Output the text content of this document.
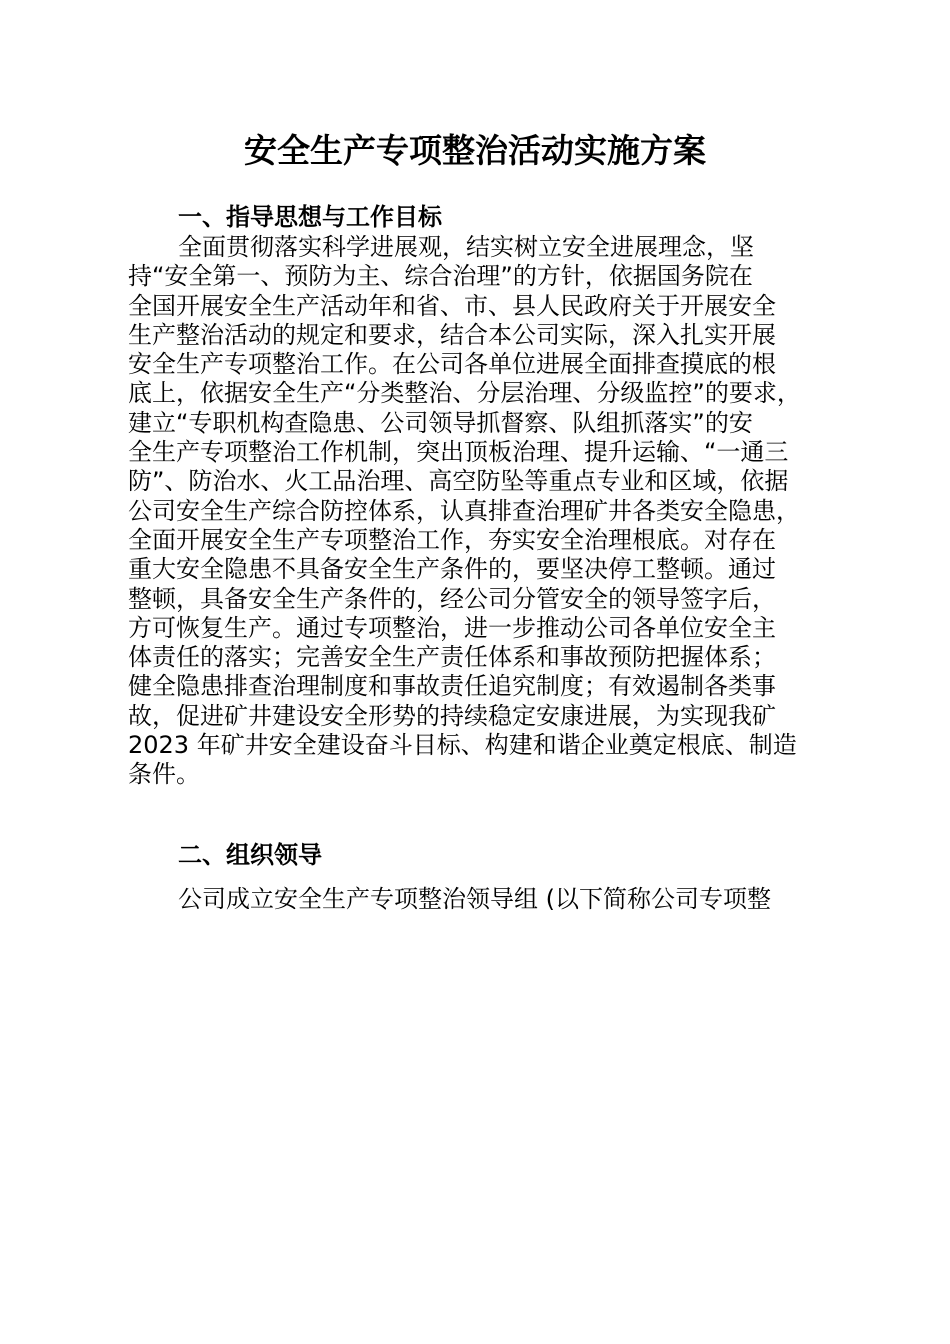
安全生产专项整治活动实施方案
一、指导思想与工作目标
全面贯彻落实科学进展观，结实树立安全进展理念，坚
持“安全第一、预防为主、综合治理”的方针，依据国务院在
全国开展安全生产活动年和省、市、县人民政府关于开展安全
生产整治活动的规定和要求，结合本公司实际，深入扎实开展
安全生产专项整治工作。在公司各单位进展全面排查摸底的根
底上，依据安全生产“分类整治、分层治理、分级监控”的要求，
建立“专职机构查隐患、公司领导抓督察、队组抓落实”的安
全生产专项整治工作机制，突出顶板治理、提升运输、“一通三
防”、防治水、火工品治理、高空防坠等重点专业和区域，依据
公司安全生产综合防控体系，认真排查治理矿井各类安全隐患，
全面开展安全生产专项整治工作，夯实安全治理根底。对存在
重大安全隐患不具备安全生产条件的，要坚决停工整顿。通过
整顿，具备安全生产条件的，经公司分管安全的领导签字后，
方可恢复生产。通过专项整治，进一步推动公司各单位安全主
体责任的落实；完善安全生产责任体系和事故预防把握体系；
健全隐患排查治理制度和事故责任追究制度；有效遏制各类事
故，促进矿井建设安全形势的持续稳定安康进展，为实现我矿
2023 年矿井安全建设奋斗目标、构建和谐企业奠定根底、制造
条件。
二、组织领导
公司成立安全生产专项整治领导组 (以下简称公司专项整
